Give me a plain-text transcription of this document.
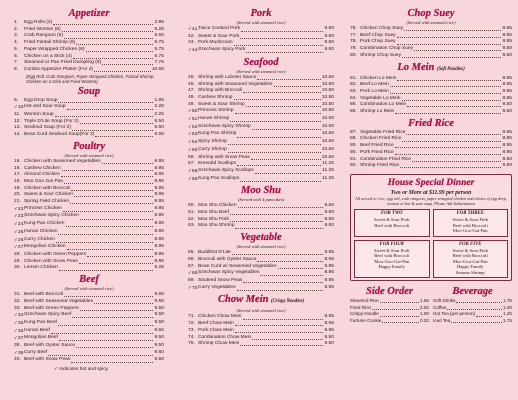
Appetizer
1.	Egg Rolls (2)	2.95
2.	Fried Wonton (6)	5.25
3.	Crab Rangoon (6)	5.50
4.	Fried Fantail Shrimp (6)	5.75
5.	Paper Wrapped Chicken (6)	5.75
6.	Chicken on a Stick (4)	5.75
7.	Steamed or Pan Fried Dumpling (8)	7.75
8.	Combo Appetizer Platter (For 2)	10.50
(Egg Roll, Crab Rangoon, Paper Wrapped Chicken, Fantail Shrimp, Chicken on a stick and Fried Wonton)
Soup
9.	Egg Drop Soup	1.95
✓10. Hot and Sour Soup	2.25
11. Wonton Soup	2.25
12. Triple D'Lite Soup (For 2)	6.50
13. Seafood Soup (For 2)	6.50
14. Bean Curd Seafood Soup(For 2)	6.50
Poultry
(Served with steamed rice)
15. Chicken with Seasoned Vegetables	8.95
16. Cashew Chicken	8.95
17. Almond Chicken	8.95
18. Moo Goo Gai Pan	8.95
19. Chicken with Broccoli	8.95
20. Sweet & Sour Chicken	8.95
21. Spring Field Chicken	8.95
✓22. Princess Chicken	8.95
✓23. Szechwan Spicy Chicken	8.95
✓24. Kung Pao Chicken	8.95
✓25. Hunan Chicken	8.95
✓26. Curry Chicken	8.95
✓27. Mongolian Chicken	8.95
28. Chicken with Green Peppers	8.95
29. Chicken with Snow Peas	8.95
30. Lemon Chicken	9.25
Beef
(Served with steamed rice)
31. Beef with Broccoli	9.50
32. Beef with Seasoned Vegetables	9.50
33. Beef with Green Peppers	9.50
✓34. Szechwan Spicy Beef	9.50
✓35. Kung Pao Beef	9.50
✓36. Hunan Beef	9.50
✓37. Mongolian Beef	9.50
38. Beef with Oyster Sauce	9.50
✓39. Curry Beef	9.50
40. Beef with Snow Peas	9.50
✓ Indicates hot and spicy
Pork
(Served with steamed rice)
✓41. Twice Cooked Pork	9.50
42. Sweet & Sour Pork	9.50
43. Pork Mushroom	9.50
✓44. Szechwan Spicy Pork	9.50
Seafood
(Served with steamed rice)
45. Shrimp with Lobster Sauce	10.50
46. Shrimp with Seasoned Vegetables	10.50
47. Shrimp with Broccoli	10.50
48. Cashew Shrimp	10.50
49. Sweet & Sour Shrimp	10.50
✓50. Princess Shrimp	10.50
✓51. Hunan Shrimp	10.50
✓52. Szechwan Spicy Shrimp	10.50
✓53. Kung Pao Shrimp	10.50
✓54. Spicy Shrimp	10.50
✓55. Curry Shrimp	10.50
56. Shrimp with Snow Peas	10.50
57. Emerald Scallops	11.25
✓58. Szechwan Spicy Scallops	11.25
✓59. Kung Pao Scallops	11.25
Moo Shu
(Served with 4 pancakes)
60. Moo Shu Chicken	9.50
61. Moo Shu Beef	9.50
62. Moo Shu Pork	9.50
63. Moo Shu Shrimp	9.50
Vegetable
(Served with steamed rice)
65. Buddhist D'Lite	8.95
66. Broccoli with Oyster Sauce	8.95
67. Bean Curd w/ Seasoned Vegetables	8.95
✓68. Szechwan Spicy Vegetables	8.95
69. Sauteed Snow Peas	8.95
✓70. Curry Vegetables	8.95
Chow Mein (Crispy Noodles)
(Served with steamed rice)
71. Chicken Chow Mein	8.95
72. Beef Chow Mein	8.95
73. Pork Chow Mein	8.95
74. Combination Chow Mein	9.50
75. Shrimp Chow Mein	9.50
Chop Suey
(Served with steamed rice)
76. Chicken Chop Suey	8.95
77. Beef Chop Suey	8.95
78. Pork Chop Suey	8.95
79. Combination Chop Suey	9.50
80. Shrimp Chop Suey	9.50
Lo Mein (Soft Noodles)
81. Chicken Lo Mein	8.95
82. Beef Lo Mein	8.95
83. Pork Lo Mein	8.95
84. Vegetable Lo Mein	8.95
85. Combination Lo Mein	9.50
86. Shrimp Lo Mein	9.50
Fried Rice
87. Vegetable Fried Rice	8.95
88. Chicken Fried Rice	8.95
89. Beef Fried Rice	8.95
90. Pork Fried Rice	8.95
91. Combination Fried Rice	9.50
92. Shrimp Fried Rice	9.50
House Special Dinner
Two or More at $11.99 per person
All served w/ rice, egg roll, crab rangoon, paper-wrapped chicken and choice of egg drop, wonton or hot & sour soup. Please Ask Substitutions
FOR TWO
Sweet & Sour Pork
Beef with Broccoli
FOR THREE
Sweet & Sour Pork
Beef with Broccoli
Moo-Goo-Gai-Pan
FOR FOUR
Sweet & Sour Pork
Beef with Broccoli
Moo-Goo-Gai-Pan
Happy Family
FOR FIVE
Sweet & Sour Pork
Beef with Broccoli
Moo-Goo-Gai-Pan
Happy Family
Sesame Shrimp
Side Order
Steamed Rice	1.50
Fried Rice	2.00
Crispy Noodle	1.00
Fortune Cookie	0.20
Beverage
Soft Drinks	1.75
Coffee	1.00
Hot Tea (per person)	1.25
Iced Tea	1.75
